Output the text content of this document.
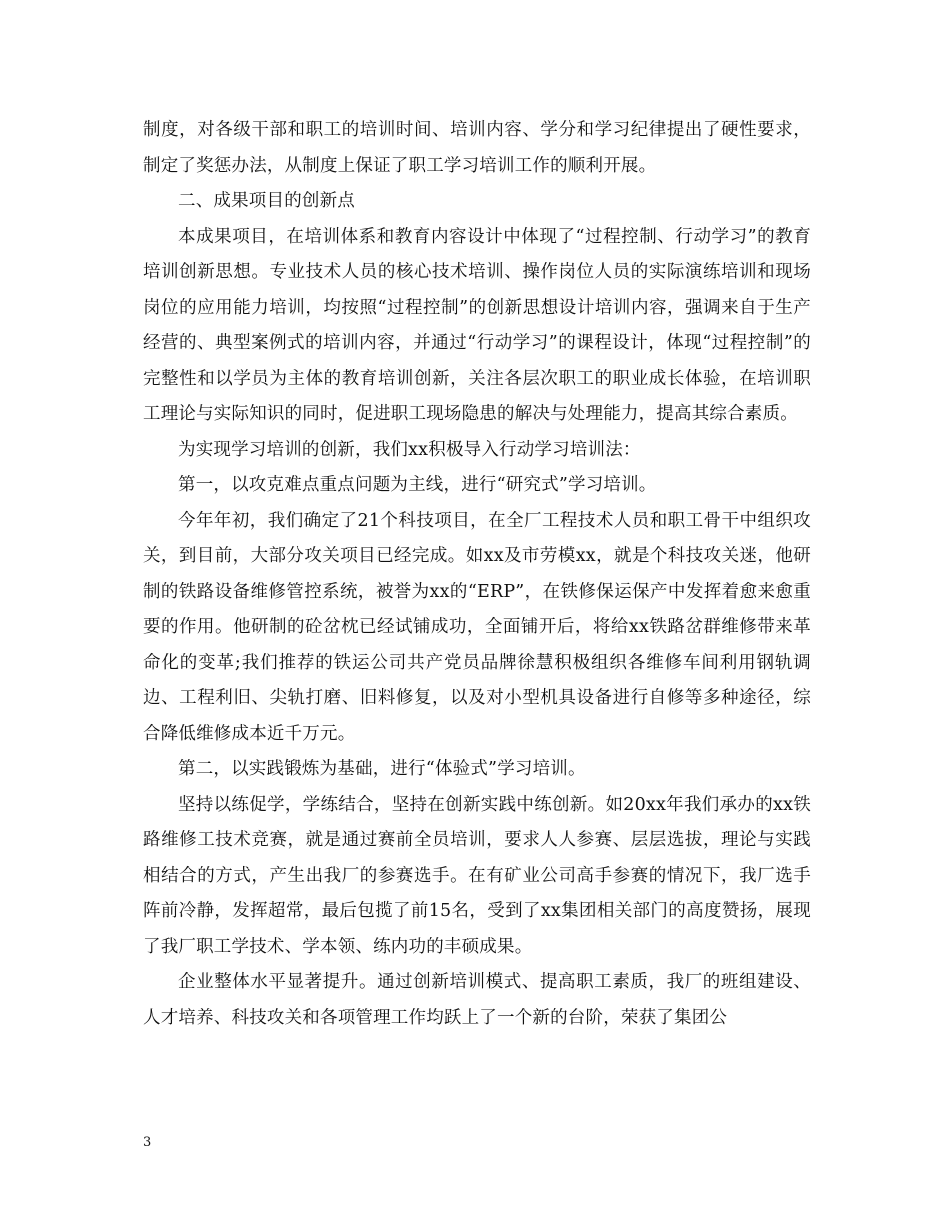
制度，对各级干部和职工的培训时间、培训内容、学分和学习纪律提出了硬性要求，制定了奖惩办法，从制度上保证了职工学习培训工作的顺利开展。

二、成果项目的创新点

本成果项目，在培训体系和教育内容设计中体现了“过程控制、行动学习”的教育培训创新思想。专业技术人员的核心技术培训、操作岗位人员的实际演练培训和现场岗位的应用能力培训，均按照“过程控制”的创新思想设计培训内容，强调来自于生产经营的、典型案例式的培训内容，并通过“行动学习”的课程设计，体现“过程控制”的完整性和以学员为主体的教育培训创新，关注各层次职工的职业成长体验，在培训职工理论与实际知识的同时，促进职工现场隐患的解决与处理能力，提高其综合素质。

为实现学习培训的创新，我们xx积极导入行动学习培训法：

第一，以攻克难点重点问题为主线，进行“研究式”学习培训。

今年年初，我们确定了21个科技项目，在全厂工程技术人员和职工骨干中组织攻关，到目前，大部分攻关项目已经完成。如xx及市劳模xx，就是个科技攻关迷，他研制的铁路设备维修管控系统，被誉为xx的“ERP”，在铁修保运保产中发挥着愈来愈重要的作用。他研制的砼岔枕已经试铺成功，全面铺开后，将给xx铁路岔群维修带来革命化的变革;我们推荐的铁运公司共产党员品牌徐慧积极组织各维修车间利用钢轨调边、工程利旧、尖轨打磨、旧料修复，以及对小型机具设备进行自修等多种途径，综合降低维修成本近千万元。

第二，以实践锻炼为基础，进行“体验式”学习培训。

坚持以练促学，学练结合，坚持在创新实践中练创新。如20xx年我们承办的xx铁路维修工技术竞赛，就是通过赛前全员培训，要求人人参赛、层层选拔，理论与实践相结合的方式，产生出我厂的参赛选手。在有矿业公司高手参赛的情况下，我厂选手阵前冷静，发挥超常，最后包揽了前15名，受到了xx集团相关部门的高度赞扬，展现了我厂职工学技术、学本领、练内功的丰硕成果。

企业整体水平显著提升。通过创新培训模式、提高职工素质，我厂的班组建设、人才培养、科技攻关和各项管理工作均跃上了一个新的台阶，荣获了集团公

3
